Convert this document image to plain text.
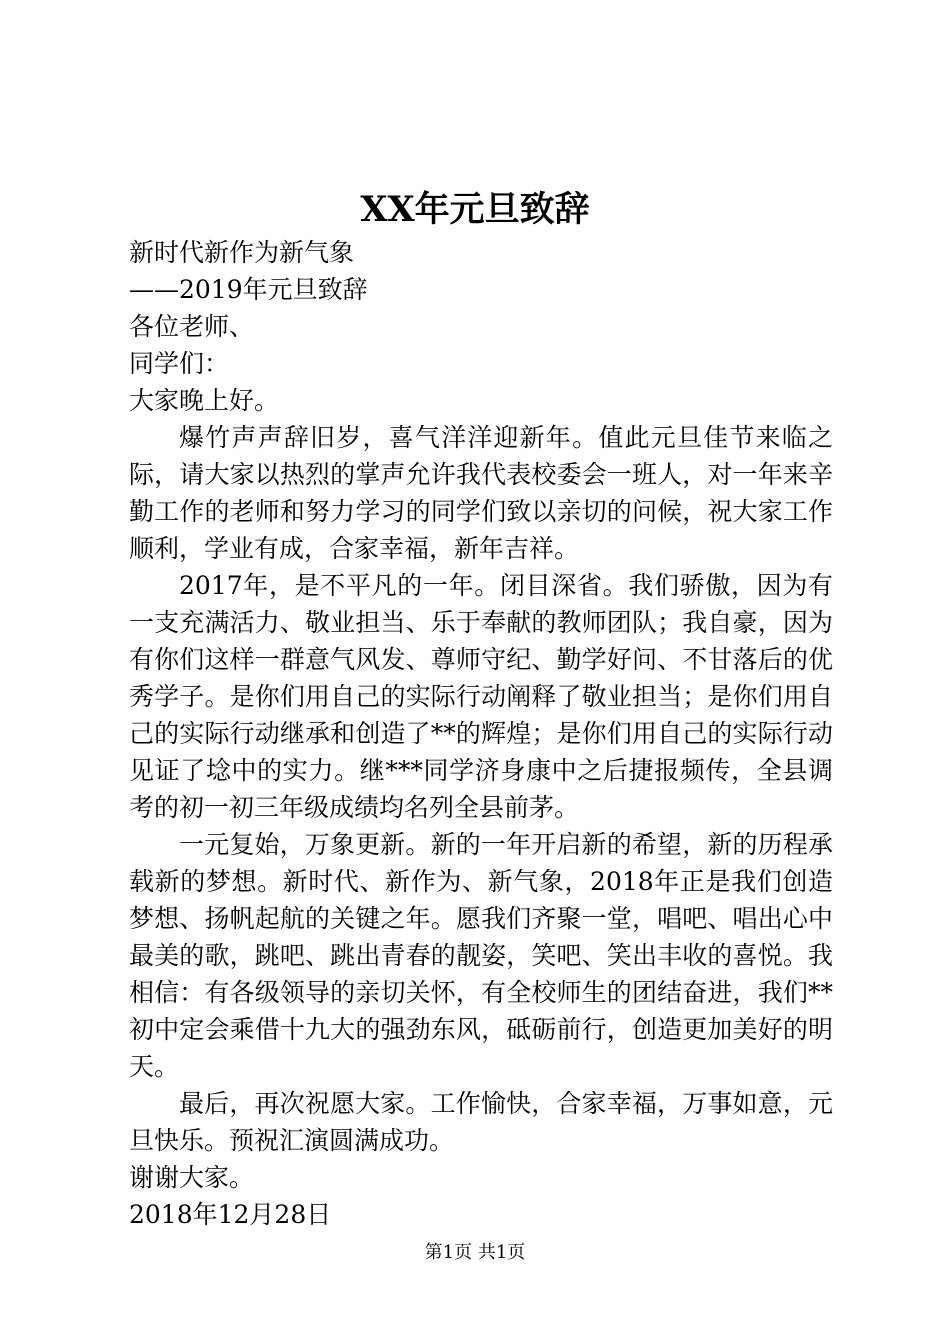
XX年元旦致辞

新时代新作为新气象

——2019年元旦致辞

各位老师、

同学们：

大家晚上好。

爆竹声声辞旧岁，喜气洋洋迎新年。值此元旦佳节来临之际，请大家以热烈的掌声允许我代表校委会一班人，对一年来辛勤工作的老师和努力学习的同学们致以亲切的问候，祝大家工作顺利，学业有成，合家幸福，新年吉祥。

2017年，是不平凡的一年。闭目深省。我们骄傲，因为有一支充满活力、敬业担当、乐于奉献的教师团队；我自豪，因为有你们这样一群意气风发、尊师守纪、勤学好问、不甘落后的优秀学子。是你们用自己的实际行动阐释了敬业担当；是你们用自己的实际行动继承和创造了**的辉煌；是你们用自己的实际行动见证了埝中的实力。继***同学济身康中之后捷报频传，全县调考的初一初三年级成绩均名列全县前茅。

一元复始，万象更新。新的一年开启新的希望，新的历程承载新的梦想。新时代、新作为、新气象，2018年正是我们创造梦想、扬帆起航的关键之年。愿我们齐聚一堂，唱吧、唱出心中最美的歌，跳吧、跳出青春的靓姿，笑吧、笑出丰收的喜悦。我相信：有各级领导的亲切关怀，有全校师生的团结奋进，我们**初中定会乘借十九大的强劲东风，砥砺前行，创造更加美好的明天。

最后，再次祝愿大家。工作愉快，合家幸福，万事如意，元旦快乐。预祝汇演圆满成功。

谢谢大家。

2018年12月28日

第1页 共1页
